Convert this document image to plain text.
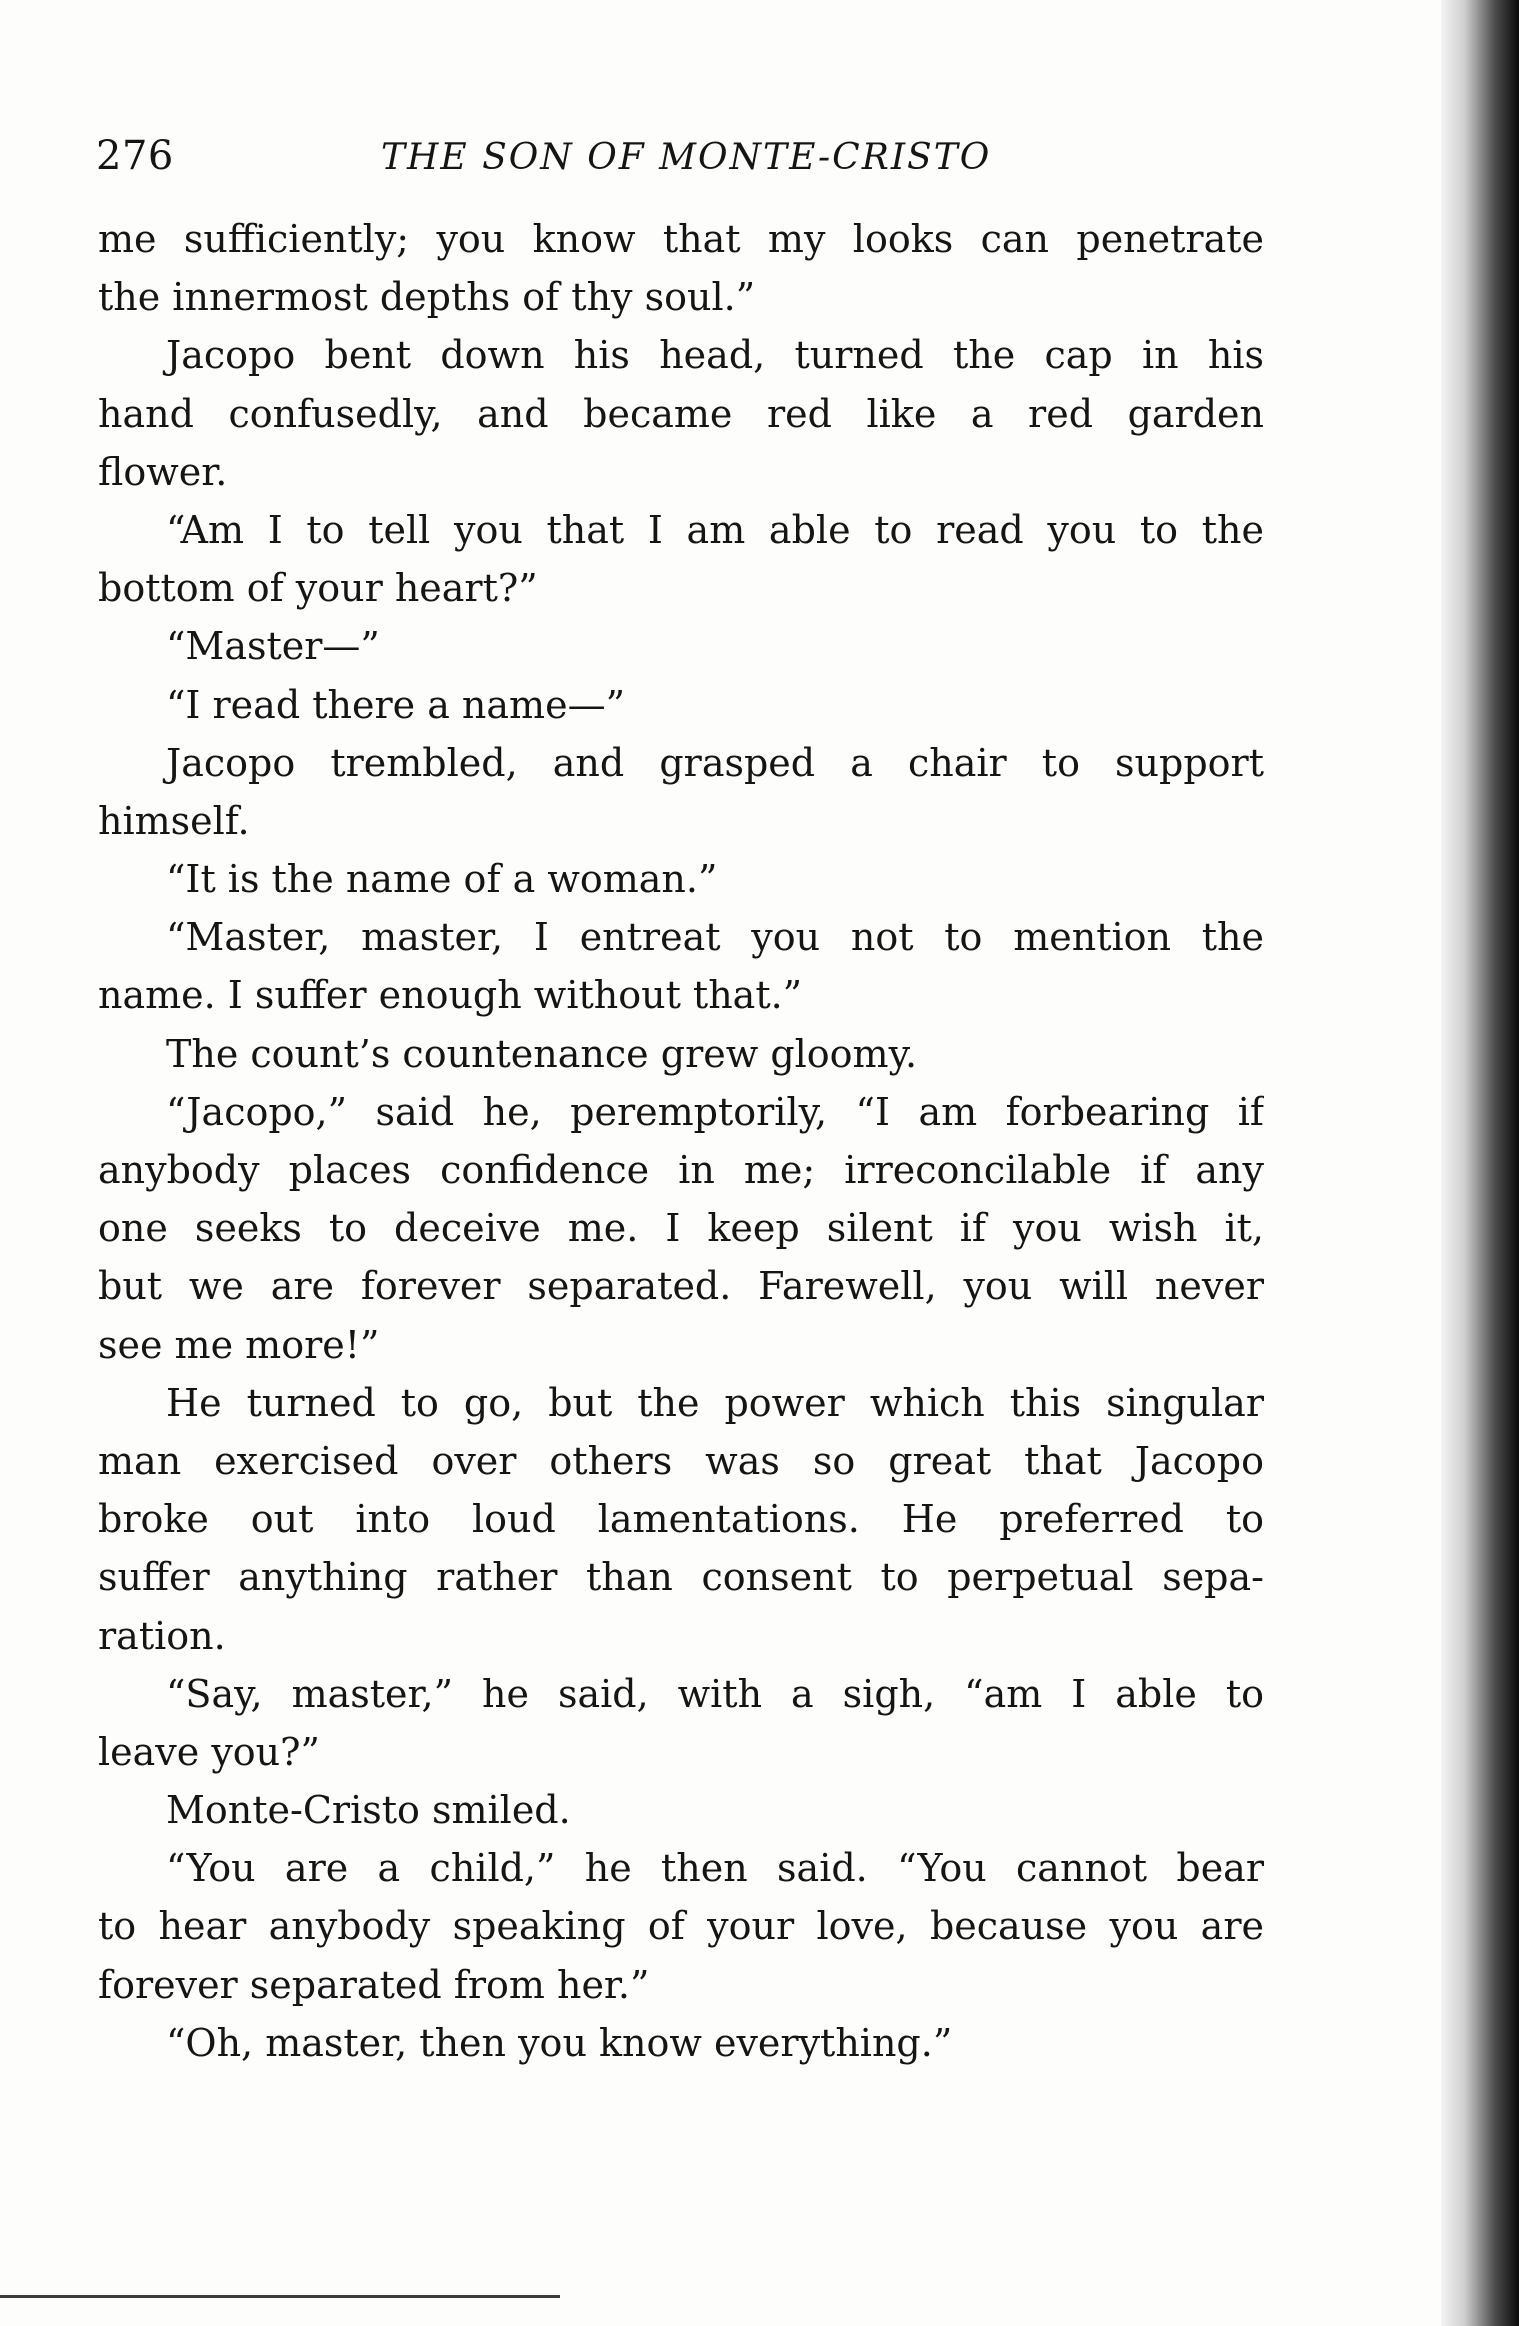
276	THE SON OF MONTE-CRISTO
me sufficiently; you know that my looks can penetrate
the innermost depths of thy soul.”
Jacopo bent down his head, turned the cap in his
hand confusedly, and became red like a red garden
flower.
“Am I to tell you that I am able to read you to the
bottom of your heart?”
“Master—”
“I read there a name—”
Jacopo trembled, and grasped a chair to support
himself.
“It is the name of a woman.”
“Master, master, I entreat you not to mention the
name. I suffer enough without that.”
The count’s countenance grew gloomy.
“Jacopo,” said he, peremptorily, “I am forbearing if
anybody places confidence in me; irreconcilable if any
one seeks to deceive me. I keep silent if you wish it,
but we are forever separated. Farewell, you will never
see me more!”
He turned to go, but the power which this singular
man exercised over others was so great that Jacopo
broke out into loud lamentations. He preferred to
suffer anything rather than consent to perpetual sepa-
ration.
“Say, master,” he said, with a sigh, “am I able to
leave you?”
Monte-Cristo smiled.
“You are a child,” he then said. “You cannot bear
to hear anybody speaking of your love, because you are
forever separated from her.”
“Oh, master, then you know everything.”
